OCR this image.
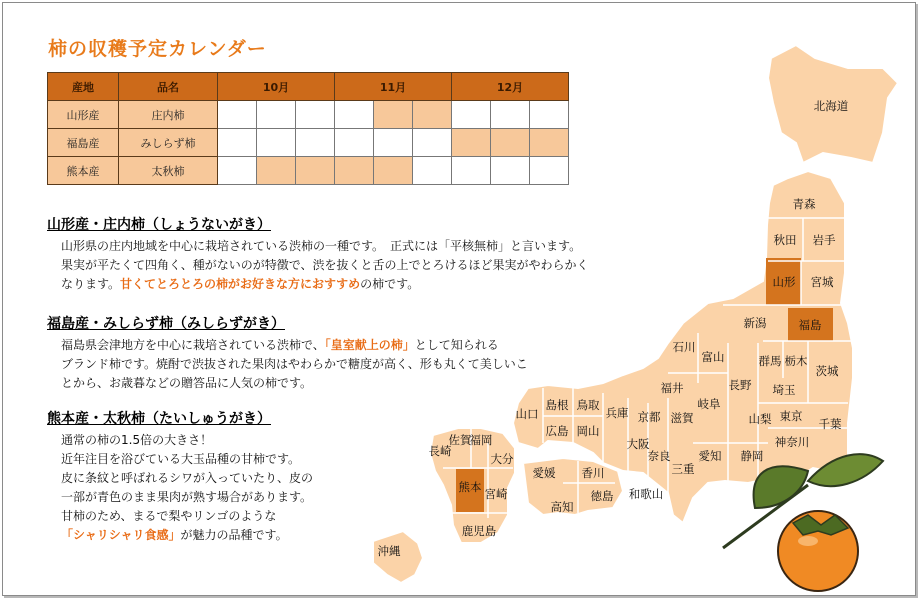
北海道
青森
秋田 岩手
山形 宮城
新潟	福島
石川
富山	群馬 栃木
茨城
福井	長野 埼玉
岐阜
山梨 東京
千葉
神奈川
滋賀
京都
兵庫
鳥取
島根
岡山
広島
山口
大阪
奈良
三重
愛知 静岡
和歌山
香川
愛媛
徳島
高知
福岡
佐賀
長崎
大分
熊本 宮崎
鹿児島
沖縄
柿の収穫予定カレンダー
産地	品名	10月			11月			12月		
山形産	庄内柿									
福島産	みしらず柿									
熊本産	太秋柿									
山形産・庄内柿（しょうないがき）

山形県の庄内地域を中心に栽培されている渋柿の一種です。　正式には「平核無柿」と言います。
果実が平たくて四角く、種がないのが特徴で、渋を抜くと舌の上でとろけるほど果実がやわらかく
なります。甘くてとろとろの柿がお好きな方におすすめの柿です。

福島産・みしらず柿（みしらずがき）

福島県会津地方を中心に栽培されている渋柿で、「皇室献上の柿」として知られる
ブランド柿です。焼酎で渋抜された果肉はやわらかで糖度が高く、形も丸くて美しいこ
とから、お歳暮などの贈答品に人気の柿です。

熊本産・太秋柿（たいしゅうがき）

通常の柿の1.5倍の大きさ！
近年注目を浴びている大玉品種の甘柿です。
皮に条紋と呼ばれるシワが入っていたり、皮の
一部が青色のまま果肉が熟す場合があります。
甘柿のため、まるで梨やリンゴのような
「シャリシャリ食感」が魅力の品種です。
